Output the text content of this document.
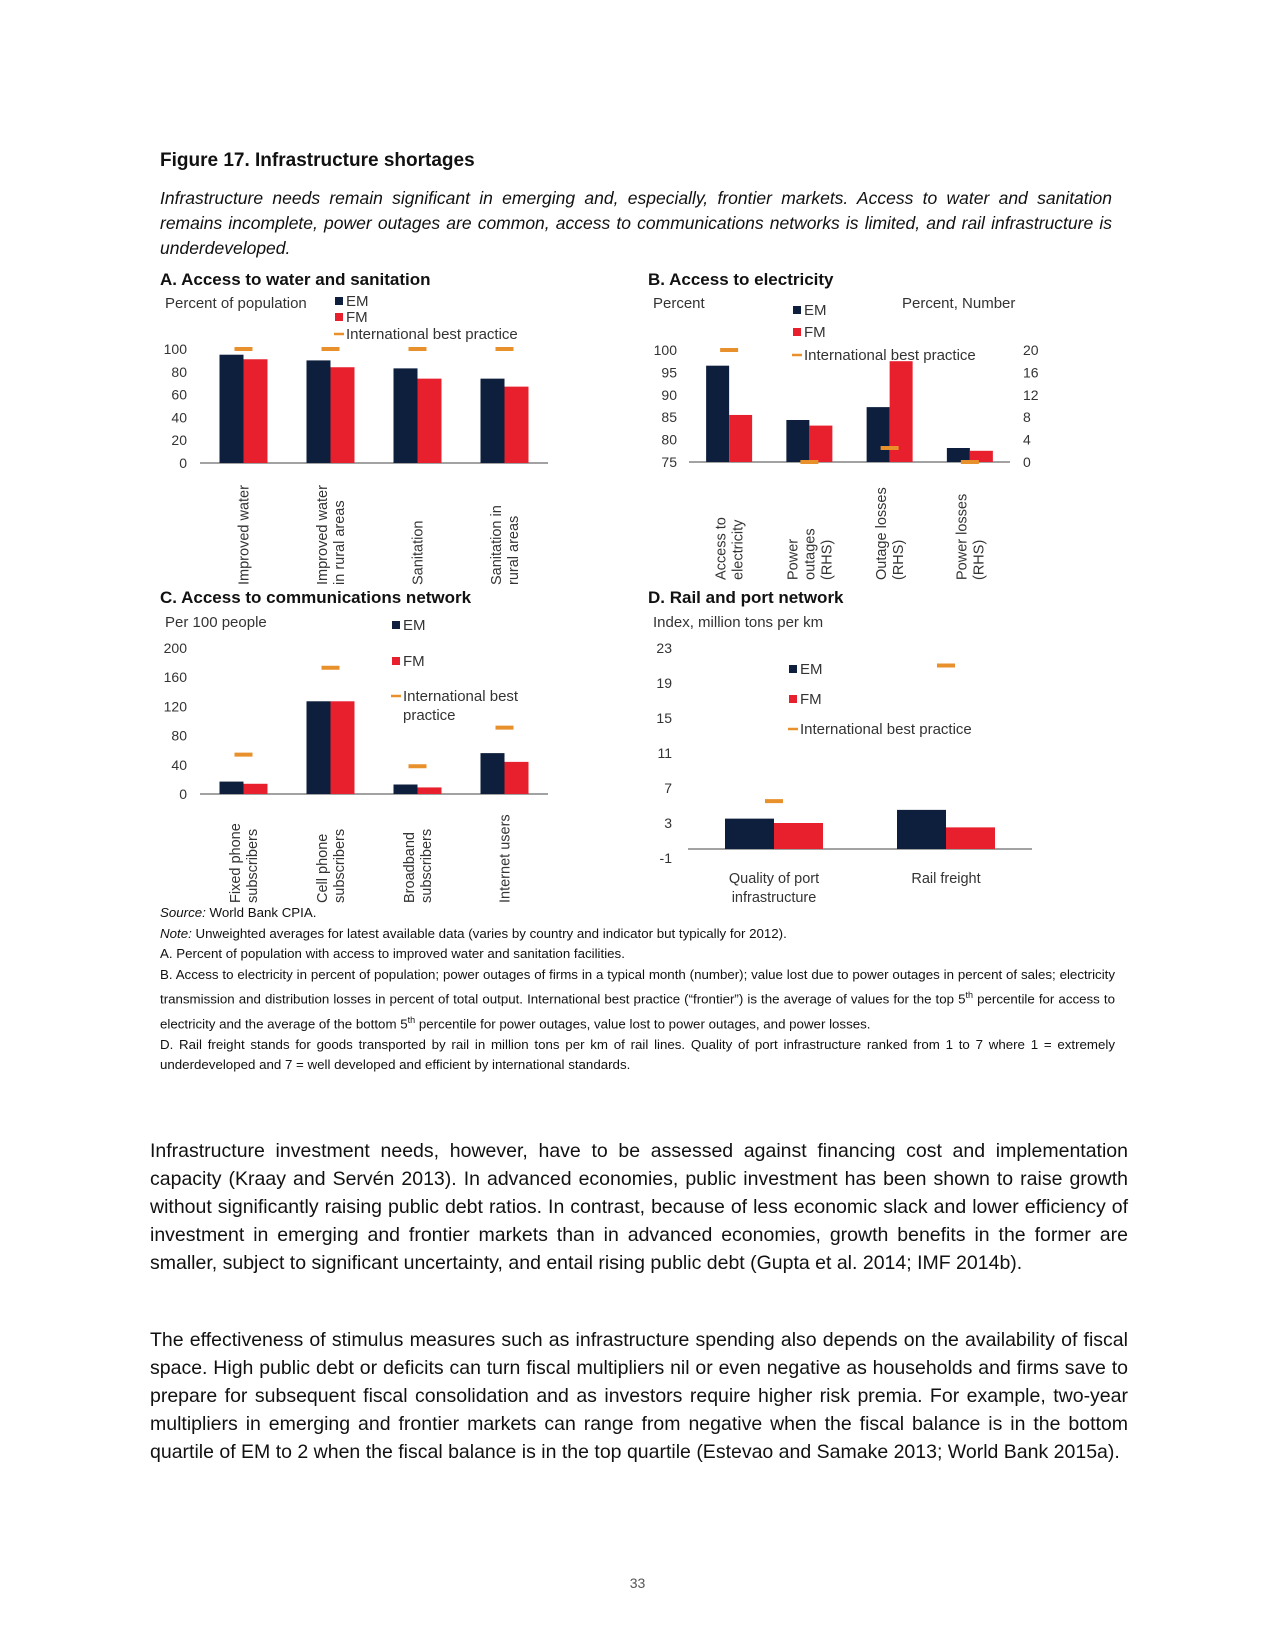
Figure 17. Infrastructure shortages
Infrastructure needs remain significant in emerging and, especially, frontier markets. Access to water and sanitation remains incomplete, power outages are common, access to communications networks is limited, and rail infrastructure is underdeveloped.
A. Access to water and sanitation
Percent of population
B. Access to electricity
Percent	Percent, Number
C. Access to communications network
Per 100 people
D. Rail and port network
Index, million tons per km
100
80
60
40
20
0
Improved water	Improved water in rural areas	Sanitation	Sanitation in rural areas
EM
FM
International best practice
100
95
90
85
80
75
20
16
12
8
4
0
Access to electricity	Power outages (RHS)	Outage losses (RHS)	Power losses (RHS)
EM
FM
International best practice
200
160
120
80
40
0
Fixed phone subscribers	Cell phone subscribers	Broadband subscribers	Internet users
EM
FM
International best
practice
23
19
15
11
7
3
-1
Quality of port
infrastructure
Rail freight
EM
FM
International best practice

Source: World Bank CPIA.

Note: Unweighted averages for latest available data (varies by country and indicator but typically for 2012).

A. Percent of population with access to improved water and sanitation facilities.

B. Access to electricity in percent of population; power outages of firms in a typical month (number); value lost due to power outages in percent of sales; electricity transmission and distribution losses in percent of total output. International best practice (“frontier”) is the average of values for the top 5th percentile for access to electricity and the average of the bottom 5th percentile for power outages, value lost to power outages, and power losses.

D. Rail freight stands for goods transported by rail in million tons per km of rail lines. Quality of port infrastructure ranked from 1 to 7 where 1 = extremely underdeveloped and 7 = well developed and efficient by international standards.

Infrastructure investment needs, however, have to be assessed against financing cost and implementation capacity (Kraay and Servén 2013). In advanced economies, public investment has been shown to raise growth without significantly raising public debt ratios. In contrast, because of less economic slack and lower efficiency of investment in emerging and frontier markets than in advanced economies, growth benefits in the former are smaller, subject to significant uncertainty, and entail rising public debt (Gupta et al. 2014; IMF 2014b).

The effectiveness of stimulus measures such as infrastructure spending also depends on the availability of fiscal space. High public debt or deficits can turn fiscal multipliers nil or even negative as households and firms save to prepare for subsequent fiscal consolidation and as investors require higher risk premia. For example, two-year multipliers in emerging and frontier markets can range from negative when the fiscal balance is in the bottom quartile of EM to 2 when the fiscal balance is in the top quartile (Estevao and Samake 2013; World Bank 2015a).

33
